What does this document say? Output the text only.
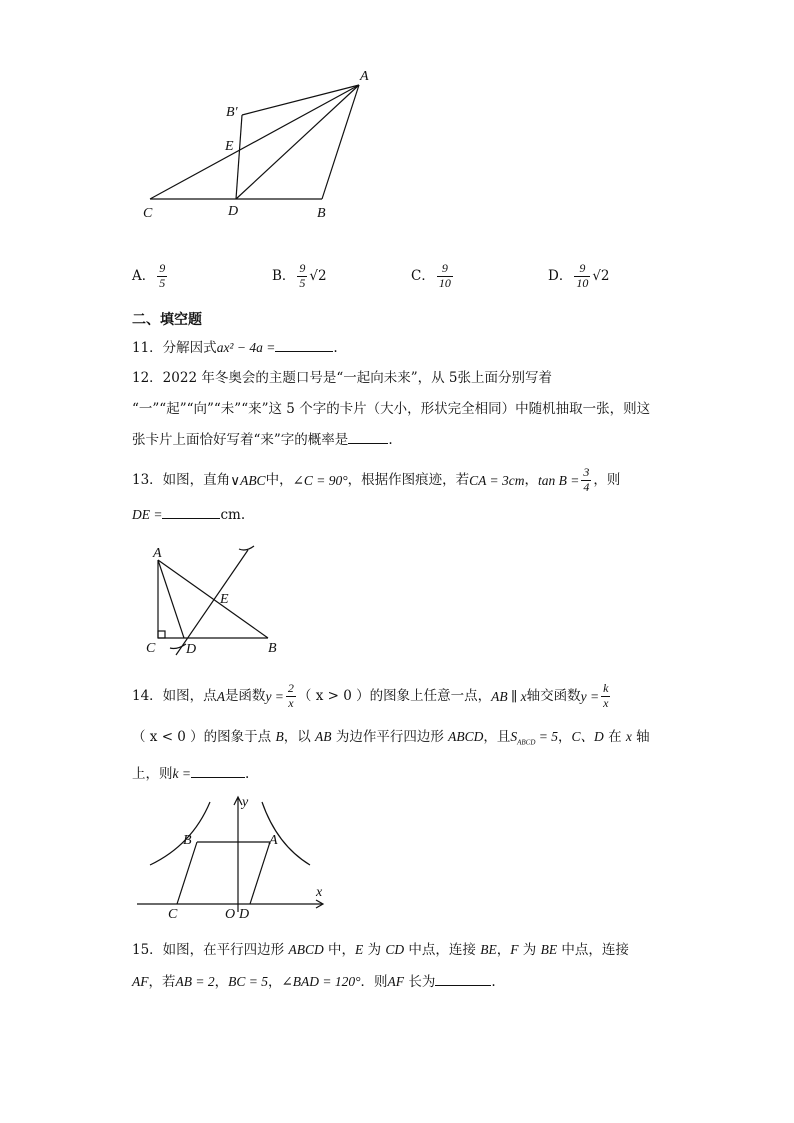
A
B′
E
C	D	B
A． $\frac{9}{5}$	B． $\frac{9}{5} √2$	C． $\frac{9}{10}$	D． $\frac{9}{10} √2$
二、填空题
11．分解因式ax² − 4a =	.
12．2022 年冬奥会的主题口号是“一起向未来”，从 5张上面分别写着
“一”“起”“向”“未”“来”这 5 个字的卡片（大小，形状完全相同）中随机抽取一张，则这
张卡片上面恰好写着“来”字的概率是	.
13．如图，直角 ∨ABC 中， ∠C = 90° ，根据作图痕迹，若 CA = 3cm ， $\tan B = \frac{3}{4}$ ，则
DE =	cm.
A
E
C D	B
14．如图，点 A 是函数 $y = \frac{2}{x}$ （ x > 0 ）的图象上任意一点， AB ∥ x 轴交函数 $y = \frac{k}{x}$
（ x < 0 ）的图象于点 B，以 AB 为边作平行四边形 ABCD，且$S_{ABCD} = 5$，C、D 在 x 轴
上，则k =	.
y
x
B	A
C	O D
15．如图，在平行四边形 ABCD 中，E 为 CD 中点，连接 BE，F 为 BE 中点，连接
AF，若AB = 2，BC = 5，∠BAD = 120°．则AF 长为	.
